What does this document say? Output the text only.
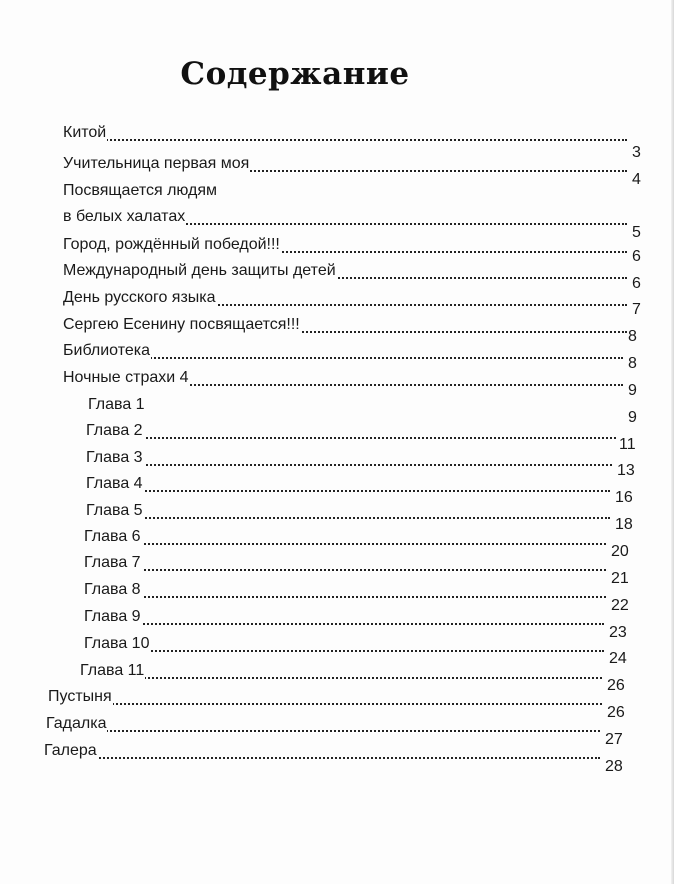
Содержание
Китой
3
Учительница первая моя
4
Посвящается людям
в белых халатах
5
Город, рождённый победой!!!
6
Международный день защиты детей
6
День русского языка
7
Сергею Есенину посвящается!!!
8
Библиотека
8
Ночные страхи 4
9
Глава 1
9
Глава 2
11
Глава 3
13
Глава 4
16
Глава 5
18
Глава 6
20
Глава 7
21
Глава 8
22
Глава 9
23
Глава 10
24
Глава 11
26
Пустыня
26
Гадалка
27
Галера
28
